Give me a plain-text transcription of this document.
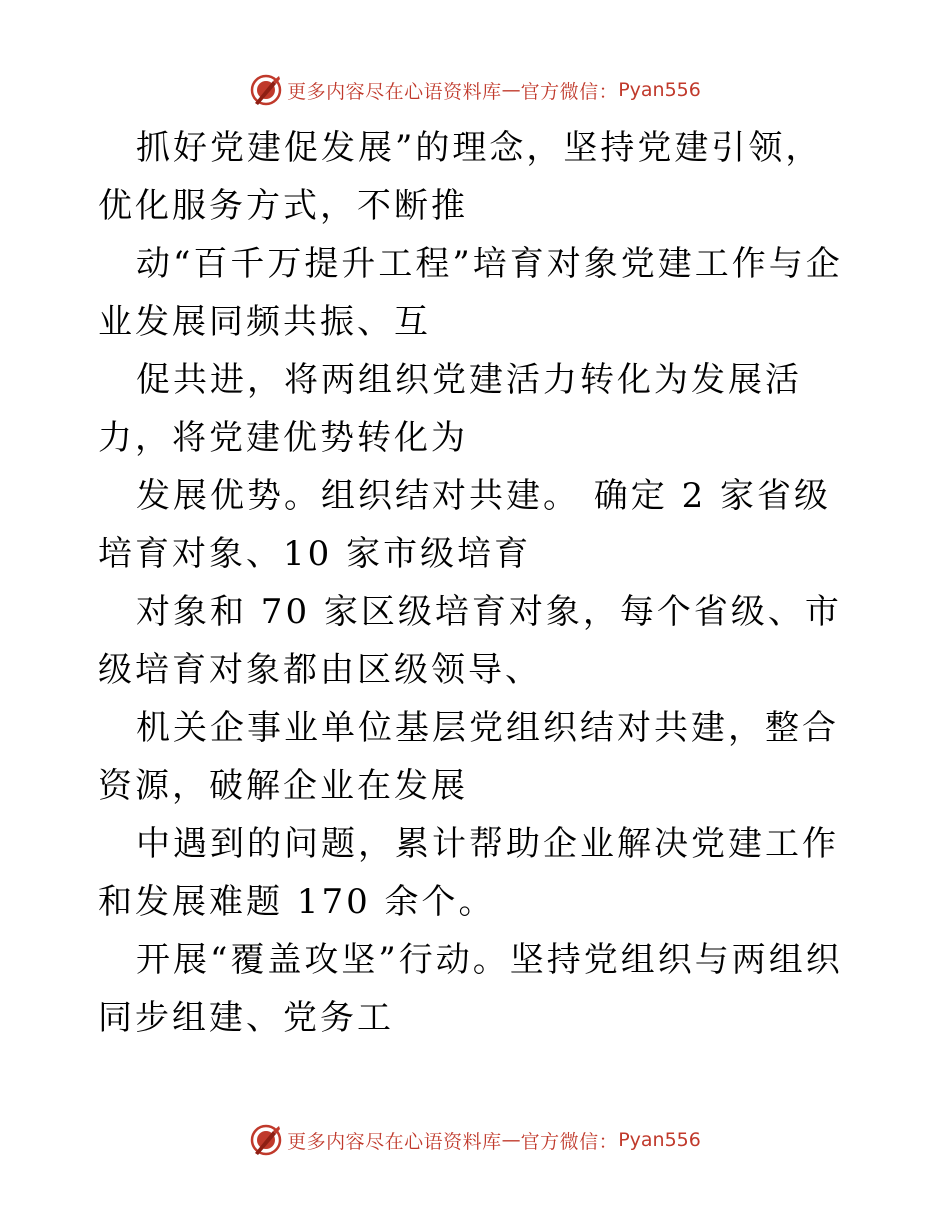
更多内容尽在心语资料库 — 官方微信： Pyan556

抓好党建促发展”的理念，坚持党建引领，优化服务方式，不断推

动“百千万提升工程”培育对象党建工作与企业发展同频共振、互

促共进，将两组织党建活力转化为发展活力，将党建优势转化为

发展优势。组织结对共建。 确定 2 家省级培育对象、10 家市级培育

对象和 70 家区级培育对象，每个省级、市级培育对象都由区级领导、

机关企事业单位基层党组织结对共建，整合资源，破解企业在发展

中遇到的问题，累计帮助企业解决党建工作和发展难题 170 余个。

开展“覆盖攻坚”行动。坚持党组织与两组织同步组建、党务工

更多内容尽在心语资料库 — 官方微信： Pyan556
